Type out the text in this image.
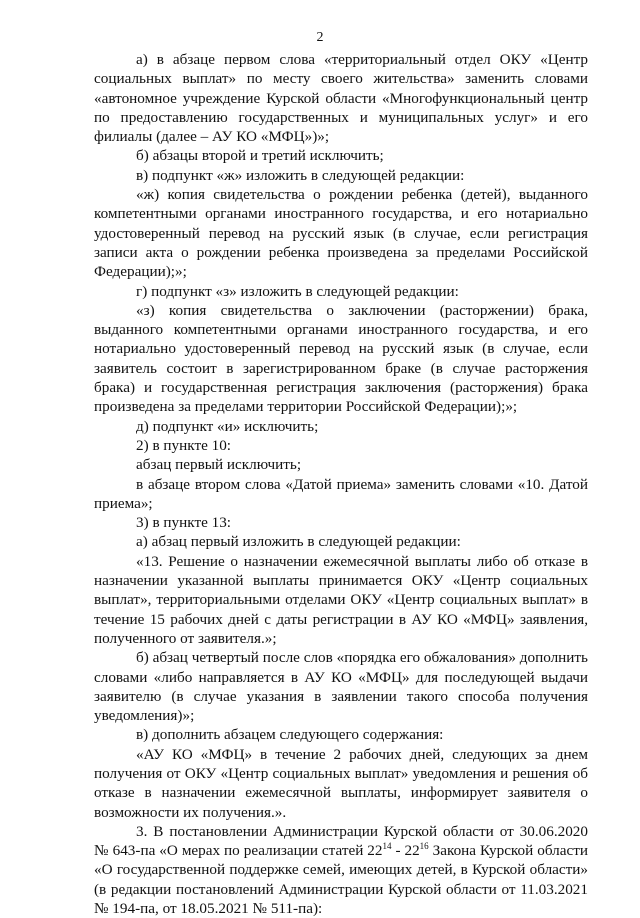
2

а) в абзаце первом слова «территориальный отдел ОКУ «Центр социальных выплат» по месту своего жительства» заменить словами «автономное учреждение Курской области «Многофункциональный центр по предоставлению государственных и муниципальных услуг» и его филиалы (далее – АУ КО «МФЦ»)»;

б) абзацы второй и третий исключить;

в) подпункт «ж» изложить в следующей редакции:

«ж) копия свидетельства о рождении ребенка (детей), выданного компетентными органами иностранного государства, и его нотариально удостоверенный перевод на русский язык (в случае, если регистрация записи акта о рождении ребенка произведена за пределами Российской Федерации);»;

г) подпункт «з» изложить в следующей редакции:

«з) копия свидетельства о заключении (расторжении) брака, выданного компетентными органами иностранного государства, и его нотариально удостоверенный перевод на русский язык (в случае, если заявитель состоит в зарегистрированном браке (в случае расторжения брака) и государственная регистрация заключения (расторжения) брака произведена за пределами территории Российской Федерации);»;

д) подпункт «и» исключить;

2) в пункте 10:

абзац первый исключить;

в абзаце втором слова «Датой приема» заменить словами «10. Датой приема»;

3) в пункте 13:

а) абзац первый изложить в следующей редакции:

«13. Решение о назначении ежемесячной выплаты либо об отказе в назначении указанной выплаты принимается ОКУ «Центр социальных выплат», территориальными отделами ОКУ «Центр социальных выплат» в течение 15 рабочих дней с даты регистрации в АУ КО «МФЦ» заявления, полученного от заявителя.»;

б) абзац четвертый после слов «порядка его обжалования» дополнить словами «либо направляется в АУ КО «МФЦ» для последующей выдачи заявителю (в случае указания в заявлении такого способа получения уведомления)»;

в) дополнить абзацем следующего содержания:

«АУ КО «МФЦ» в течение 2 рабочих дней, следующих за днем получения от ОКУ «Центр социальных выплат» уведомления и решения об отказе в назначении ежемесячной выплаты, информирует заявителя о возможности их получения.».

3. В постановлении Администрации Курской области от 30.06.2020 № 643-па «О мерах по реализации статей $22^{14} - 22^{16}$ Закона Курской области «О государственной поддержке семей, имеющих детей, в Курской области» (в редакции постановлений Администрации Курской области от 11.03.2021 № 194-па, от 18.05.2021 № 511-па):
